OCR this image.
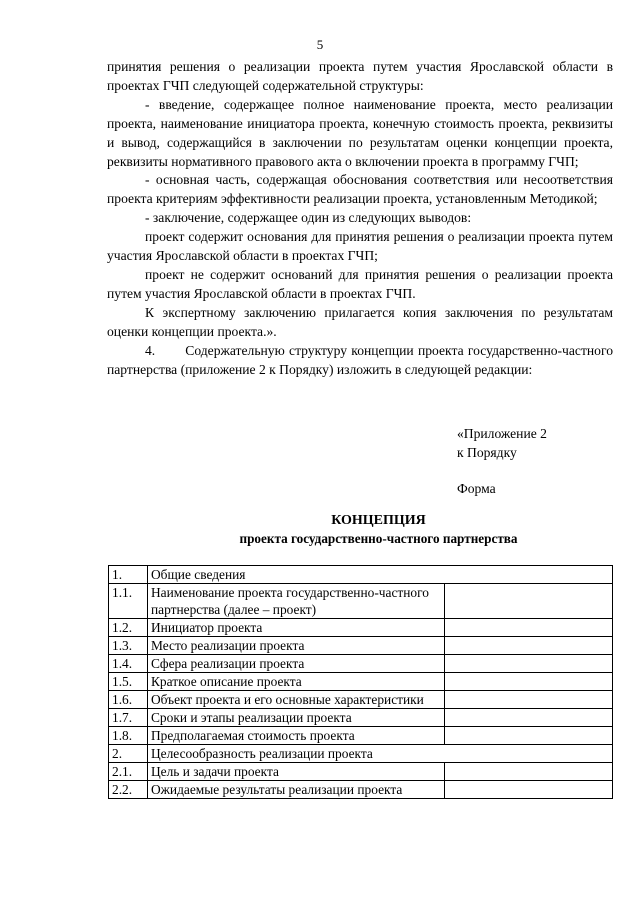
5

принятия решения о реализации проекта путем участия Ярославской области в проектах ГЧП следующей содержательной структуры:

- введение, содержащее полное наименование проекта, место реализации проекта, наименование инициатора проекта, конечную стоимость проекта, реквизиты и вывод, содержащийся в заключении по результатам оценки концепции проекта, реквизиты нормативного правового акта о включении проекта в программу ГЧП;

- основная часть, содержащая обоснования соответствия или несоответствия проекта критериям эффективности реализации проекта, установленным Методикой;

- заключение, содержащее один из следующих выводов:

проект содержит основания для принятия решения о реализации проекта путем участия Ярославской области в проектах ГЧП;

проект не содержит оснований для принятия решения о реализации проекта путем участия Ярославской области в проектах ГЧП.

К экспертному заключению прилагается копия заключения по результатам оценки концепции проекта.».

4.       Содержательную структуру концепции проекта государственно-частного партнерства (приложение 2 к Порядку) изложить в следующей редакции:

«Приложение 2
к Порядку
Форма
КОНЦЕПЦИЯ
проекта государственно-частного партнерства
1.	Общие сведения	
1.1.	Наименование проекта государственно-частного партнерства (далее – проект)	
1.2.	Инициатор проекта	
1.3.	Место реализации проекта	
1.4.	Сфера реализации проекта	
1.5.	Краткое описание проекта	
1.6.	Объект проекта и его основные характеристики	
1.7.	Сроки и этапы реализации проекта	
1.8.	Предполагаемая стоимость проекта	
2.	Целесообразность реализации проекта	
2.1.	Цель и задачи проекта	
2.2.	Ожидаемые результаты реализации проекта	
